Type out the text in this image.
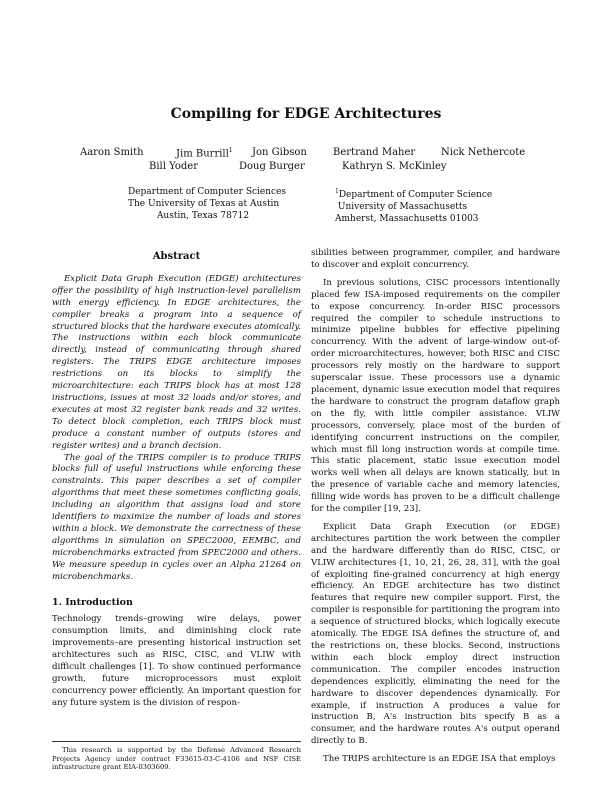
Compiling for EDGE Architectures
Aaron Smith	Jim Burrill$^1$ Jon Gibson	Bertrand Maher	Nick Nethercote
Bill Yoder	Doug Burger	Kathryn S. McKinley
Department of Computer Sciences
The University of Texas at Austin
Austin, Texas 78712
$^1$Department of Computer Science
University of Massachusetts
Amherst, Massachusetts 01003
Abstract

Explicit Data Graph Execution (EDGE) architectures offer the possibility of high instruction-level parallelism with energy efficiency. In EDGE architectures, the compiler breaks a program into a sequence of structured blocks that the hardware executes atomically. The instructions within each block communicate directly, instead of communicating through shared registers. The TRIPS EDGE architecture imposes restrictions on its blocks to simplify the microarchitecture: each TRIPS block has at most 128 instructions, issues at most 32 loads and/or stores, and executes at most 32 register bank reads and 32 writes. To detect block completion, each TRIPS block must produce a constant number of outputs (stores and register writes) and a branch decision.

The goal of the TRIPS compiler is to produce TRIPS blocks full of useful instructions while enforcing these constraints. This paper describes a set of compiler algorithms that meet these sometimes conflicting goals, including an algorithm that assigns load and store identifiers to maximize the number of loads and stores within a block. We demonstrate the correctness of these algorithms in simulation on SPEC2000, EEMBC, and microbenchmarks extracted from SPEC2000 and others. We measure speedup in cycles over an Alpha 21264 on microbenchmarks.

1. Introduction

Technology trends–growing wire delays, power consumption limits, and diminishing clock rate improvements–are presenting historical instruction set architectures such as RISC, CISC, and VLIW with difficult challenges [1]. To show continued performance growth, future microprocessors must exploit concurrency power efficiently. An important question for any future system is the division of respon-

This research is supported by the Defense Advanced Research Projects Agency under contract F33615-03-C-4106 and NSF CISE infrastructure grant EIA-0303609.

sibilities between programmer, compiler, and hardware to discover and exploit concurrency.

In previous solutions, CISC processors intentionally placed few ISA-imposed requirements on the compiler to expose concurrency. In-order RISC processors required the compiler to schedule instructions to minimize pipeline bubbles for effective pipelining concurrency. With the advent of large-window out-of-order microarchitectures, however, both RISC and CISC processors rely mostly on the hardware to support superscalar issue. These processors use a dynamic placement, dynamic issue execution model that requires the hardware to construct the program dataflow graph on the fly, with little compiler assistance. VLIW processors, conversely, place most of the burden of identifying concurrent instructions on the compiler, which must fill long instruction words at compile time. This static placement, static issue execution model works well when all delays are known statically, but in the presence of variable cache and memory latencies, filling wide words has proven to be a difficult challenge for the compiler [19, 23].

Explicit Data Graph Execution (or EDGE) architectures partition the work between the compiler and the hardware differently than do RISC, CISC, or VLIW architectures [1, 10, 21, 26, 28, 31], with the goal of exploiting fine-grained concurrency at high energy efficiency. An EDGE architecture has two distinct features that require new compiler support. First, the compiler is responsible for partitioning the program into a sequence of structured blocks, which logically execute atomically. The EDGE ISA defines the structure of, and the restrictions on, these blocks. Second, instructions within each block employ direct instruction communication. The compiler encodes instruction dependences explicitly, eliminating the need for the hardware to discover dependences dynamically. For example, if instruction A produces a value for instruction B, A's instruction bits specify B as a consumer, and the hardware routes A's output operand directly to B.

The TRIPS architecture is an EDGE ISA that employs
